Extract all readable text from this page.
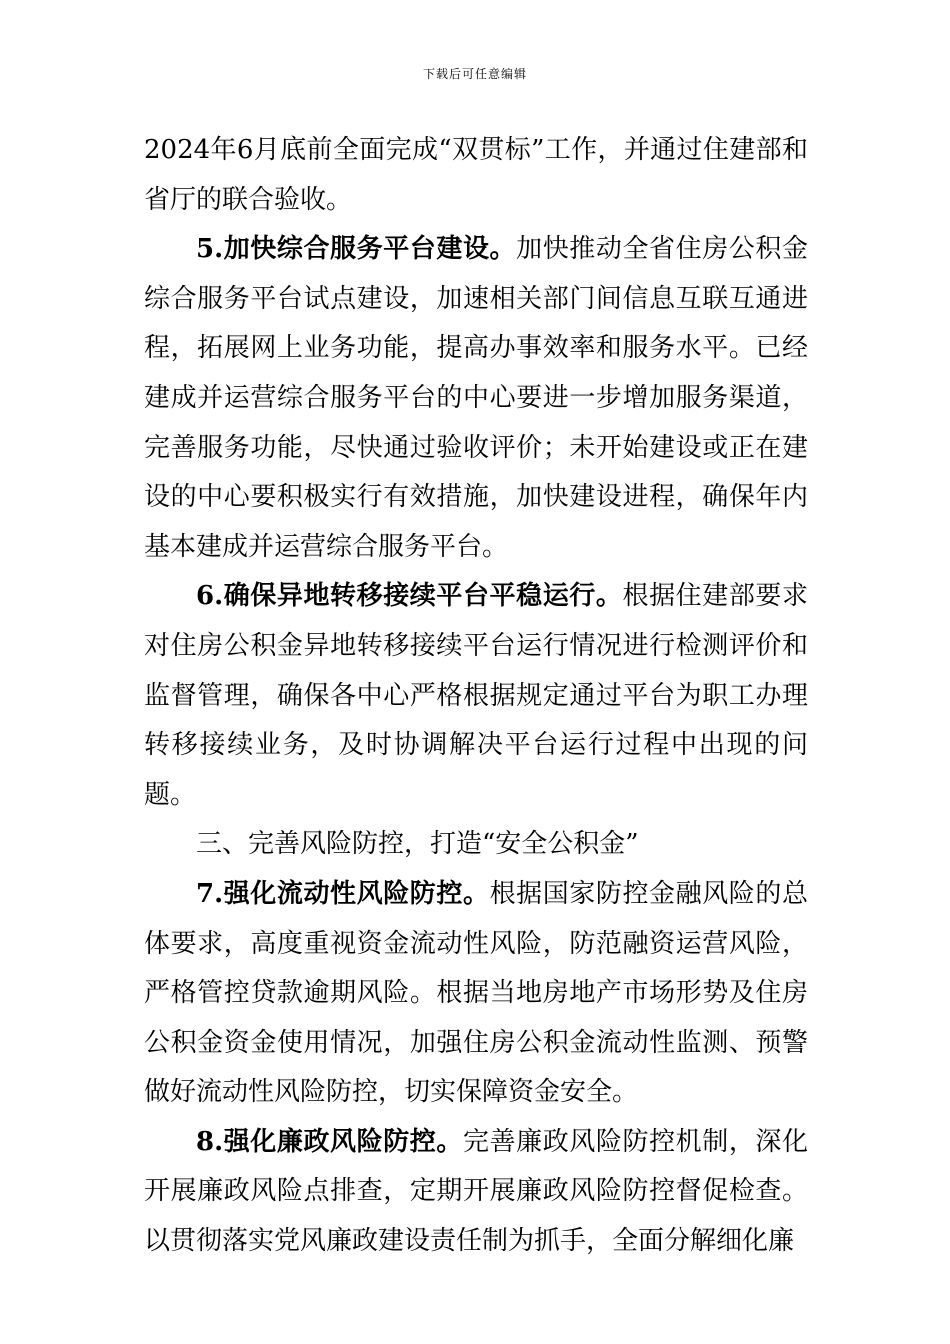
下载后可任意编辑

2024年6月底前全面完成“双贯标”工作，并通过住建部和省厅的联合验收。

5.加快综合服务平台建设。加快推动全省住房公积金综合服务平台试点建设，加速相关部门间信息互联互通进程，拓展网上业务功能，提高办事效率和服务水平。已经建成并运营综合服务平台的中心要进一步增加服务渠道，完善服务功能，尽快通过验收评价；未开始建设或正在建设的中心要积极实行有效措施，加快建设进程，确保年内基本建成并运营综合服务平台。

6.确保异地转移接续平台平稳运行。根据住建部要求对住房公积金异地转移接续平台运行情况进行检测评价和监督管理，确保各中心严格根据规定通过平台为职工办理转移接续业务，及时协调解决平台运行过程中出现的问题。

三、完善风险防控，打造“安全公积金”

7.强化流动性风险防控。根据国家防控金融风险的总体要求，高度重视资金流动性风险，防范融资运营风险，严格管控贷款逾期风险。根据当地房地产市场形势及住房公积金资金使用情况，加强住房公积金流动性监测、预警做好流动性风险防控，切实保障资金安全。

8.强化廉政风险防控。完善廉政风险防控机制，深化开展廉政风险点排查，定期开展廉政风险防控督促检查。以贯彻落实党风廉政建设责任制为抓手，全面分解细化廉
